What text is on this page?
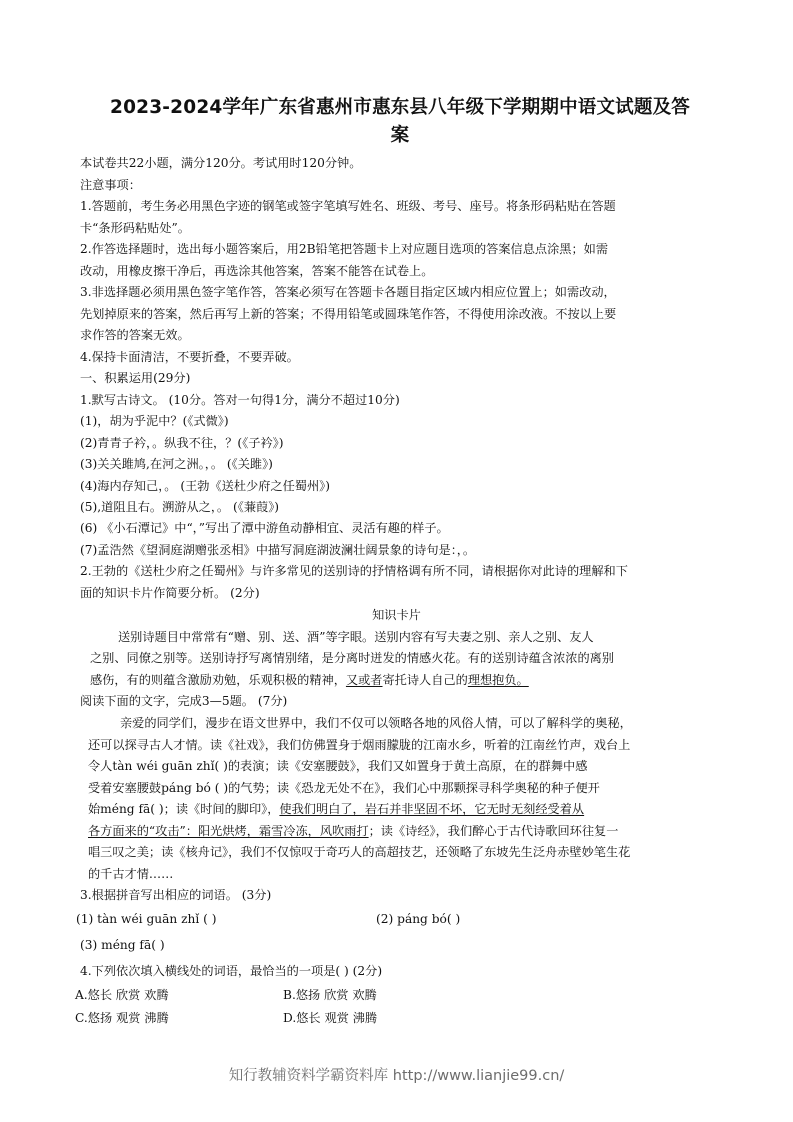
2023-2024学年广东省惠州市惠东县八年级下学期期中语文试题及答
案
本试卷共22小题，满分120分。考试用时120分钟。
注意事项：
1.答题前，考生务必用黑色字迹的钢笔或签字笔填写姓名、班级、考号、座号。将条形码粘贴在答题
卡“条形码粘贴处”。
2.作答选择题时，选出每小题答案后，用2B铅笔把答题卡上对应题目选项的答案信息点涂黑；如需
改动，用橡皮擦干净后，再选涂其他答案，答案不能答在试卷上。
3.非选择题必须用黑色签字笔作答，答案必须写在答题卡各题目指定区域内相应位置上；如需改动，
先划掉原来的答案，然后再写上新的答案；不得用铅笔或圆珠笔作答，不得使用涂改液。不按以上要
求作答的答案无效。
4.保持卡面清洁，不要折叠，不要弄破。
一、积累运用(29分)
1.默写古诗文。 (10分。答对一句得1分，满分不超过10分)
(1)，胡为乎泥中？(《式微》)
(2)青青子衿，。纵我不往，？(《子衿》)
(3)关关雎鸠,在河之洲。，。 (《关雎》)
(4)海内存知己，。 (王勃《送杜少府之任蜀州》)
(5),道阻且右。溯游从之，。 (《蒹葭》)
(6) 《小石潭记》中“，”写出了潭中游鱼动静相宜、灵活有趣的样子。
(7)孟浩然《望洞庭湖赠张丞相》中描写洞庭湖波澜壮阔景象的诗句是：，。
2.王勃的《送杜少府之任蜀州》与许多常见的送别诗的抒情格调有所不同，请根据你对此诗的理解和下
面的知识卡片作简要分析。 (2分)
知识卡片
送别诗题目中常常有“赠、别、送、酒”等字眼。送别内容有写夫妻之别、亲人之别、友人
之别、同僚之别等。送别诗抒写离情别绪，是分离时迸发的情感火花。有的送别诗蕴含浓浓的离别
感伤，有的则蕴含激励劝勉，乐观积极的精神，又或者寄托诗人自己的理想抱负。
阅读下面的文字，完成3—5题。 (7分)
亲爱的同学们，漫步在语文世界中，我们不仅可以领略各地的风俗人情，可以了解科学的奥秘，
还可以探寻古人才情。读《社戏》，我们仿佛置身于烟雨朦胧的江南水乡，听着的江南丝竹声，戏台上
令人tàn wéi guān zhǐ( )的表演；读《安塞腰鼓》，我们又如置身于黄土高原，在的群舞中感
受着安塞腰鼓páng bó ( )的气势；读《恐龙无处不在》，我们心中那颗探寻科学奥秘的种子便开
始méng fā( )；读《时间的脚印》，使我们明白了，岩石并非坚固不坏，它无时无刻经受着从
各方面来的“攻击”：阳光烘烤，霜雪冷冻，风吹雨打；读《诗经》，我们醉心于古代诗歌回环往复一
唱三叹之美；读《核舟记》，我们不仅惊叹于奇巧人的高超技艺，还领略了东坡先生泛舟赤壁妙笔生花
的千古才情……
3.根据拼音写出相应的词语。 (3分)
(1) tàn wéi guān zhǐ ( )	(2) páng bó( )
(3) méng fā( )
4.下列依次填入横线处的词语，最恰当的一项是( ) (2分)
A.悠长 欣赏 欢腾	B.悠扬 欣赏 欢腾
C.悠扬 观赏 沸腾	D.悠长 观赏 沸腾
知行教辅资料学霸资料库 http://www.lianjie99.cn/
